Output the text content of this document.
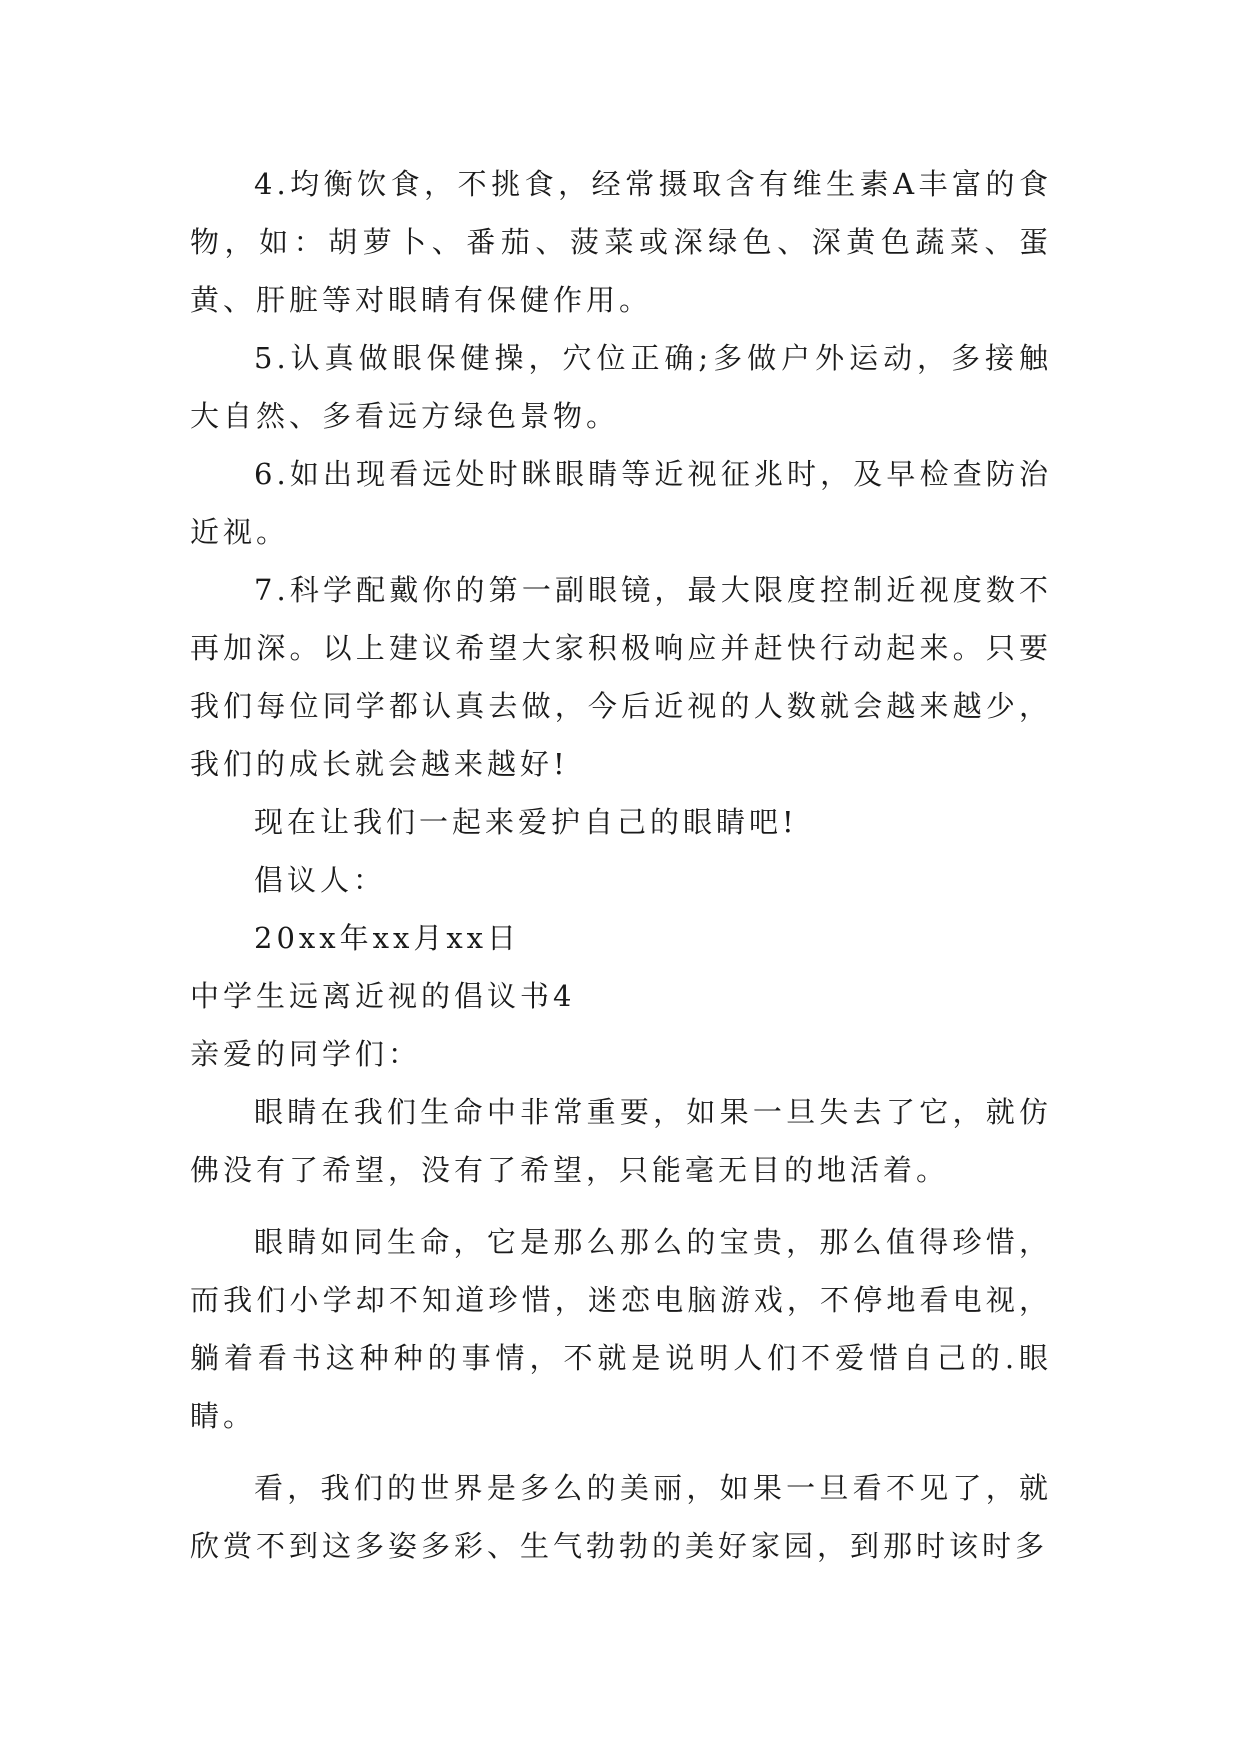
4.均衡饮食，不挑食，经常摄取含有维生素A丰富的食物，如：胡萝卜、番茄、菠菜或深绿色、深黄色蔬菜、蛋黄、肝脏等对眼睛有保健作用。

5.认真做眼保健操，穴位正确;多做户外运动，多接触大自然、多看远方绿色景物。

6.如出现看远处时眯眼睛等近视征兆时，及早检查防治近视。

7.科学配戴你的第一副眼镜，最大限度控制近视度数不再加深。以上建议希望大家积极响应并赶快行动起来。只要我们每位同学都认真去做，今后近视的人数就会越来越少，我们的成长就会越来越好!

现在让我们一起来爱护自己的眼睛吧!

倡议人：

20xx年xx月xx日

中学生远离近视的倡议书4

亲爱的同学们：

眼睛在我们生命中非常重要，如果一旦失去了它，就仿佛没有了希望，没有了希望，只能毫无目的地活着。

眼睛如同生命，它是那么那么的宝贵，那么值得珍惜，而我们小学却不知道珍惜，迷恋电脑游戏，不停地看电视，躺着看书这种种的事情，不就是说明人们不爱惜自己的.眼睛。

看，我们的世界是多么的美丽，如果一旦看不见了，就欣赏不到这多姿多彩、生气勃勃的美好家园，到那时该时多
